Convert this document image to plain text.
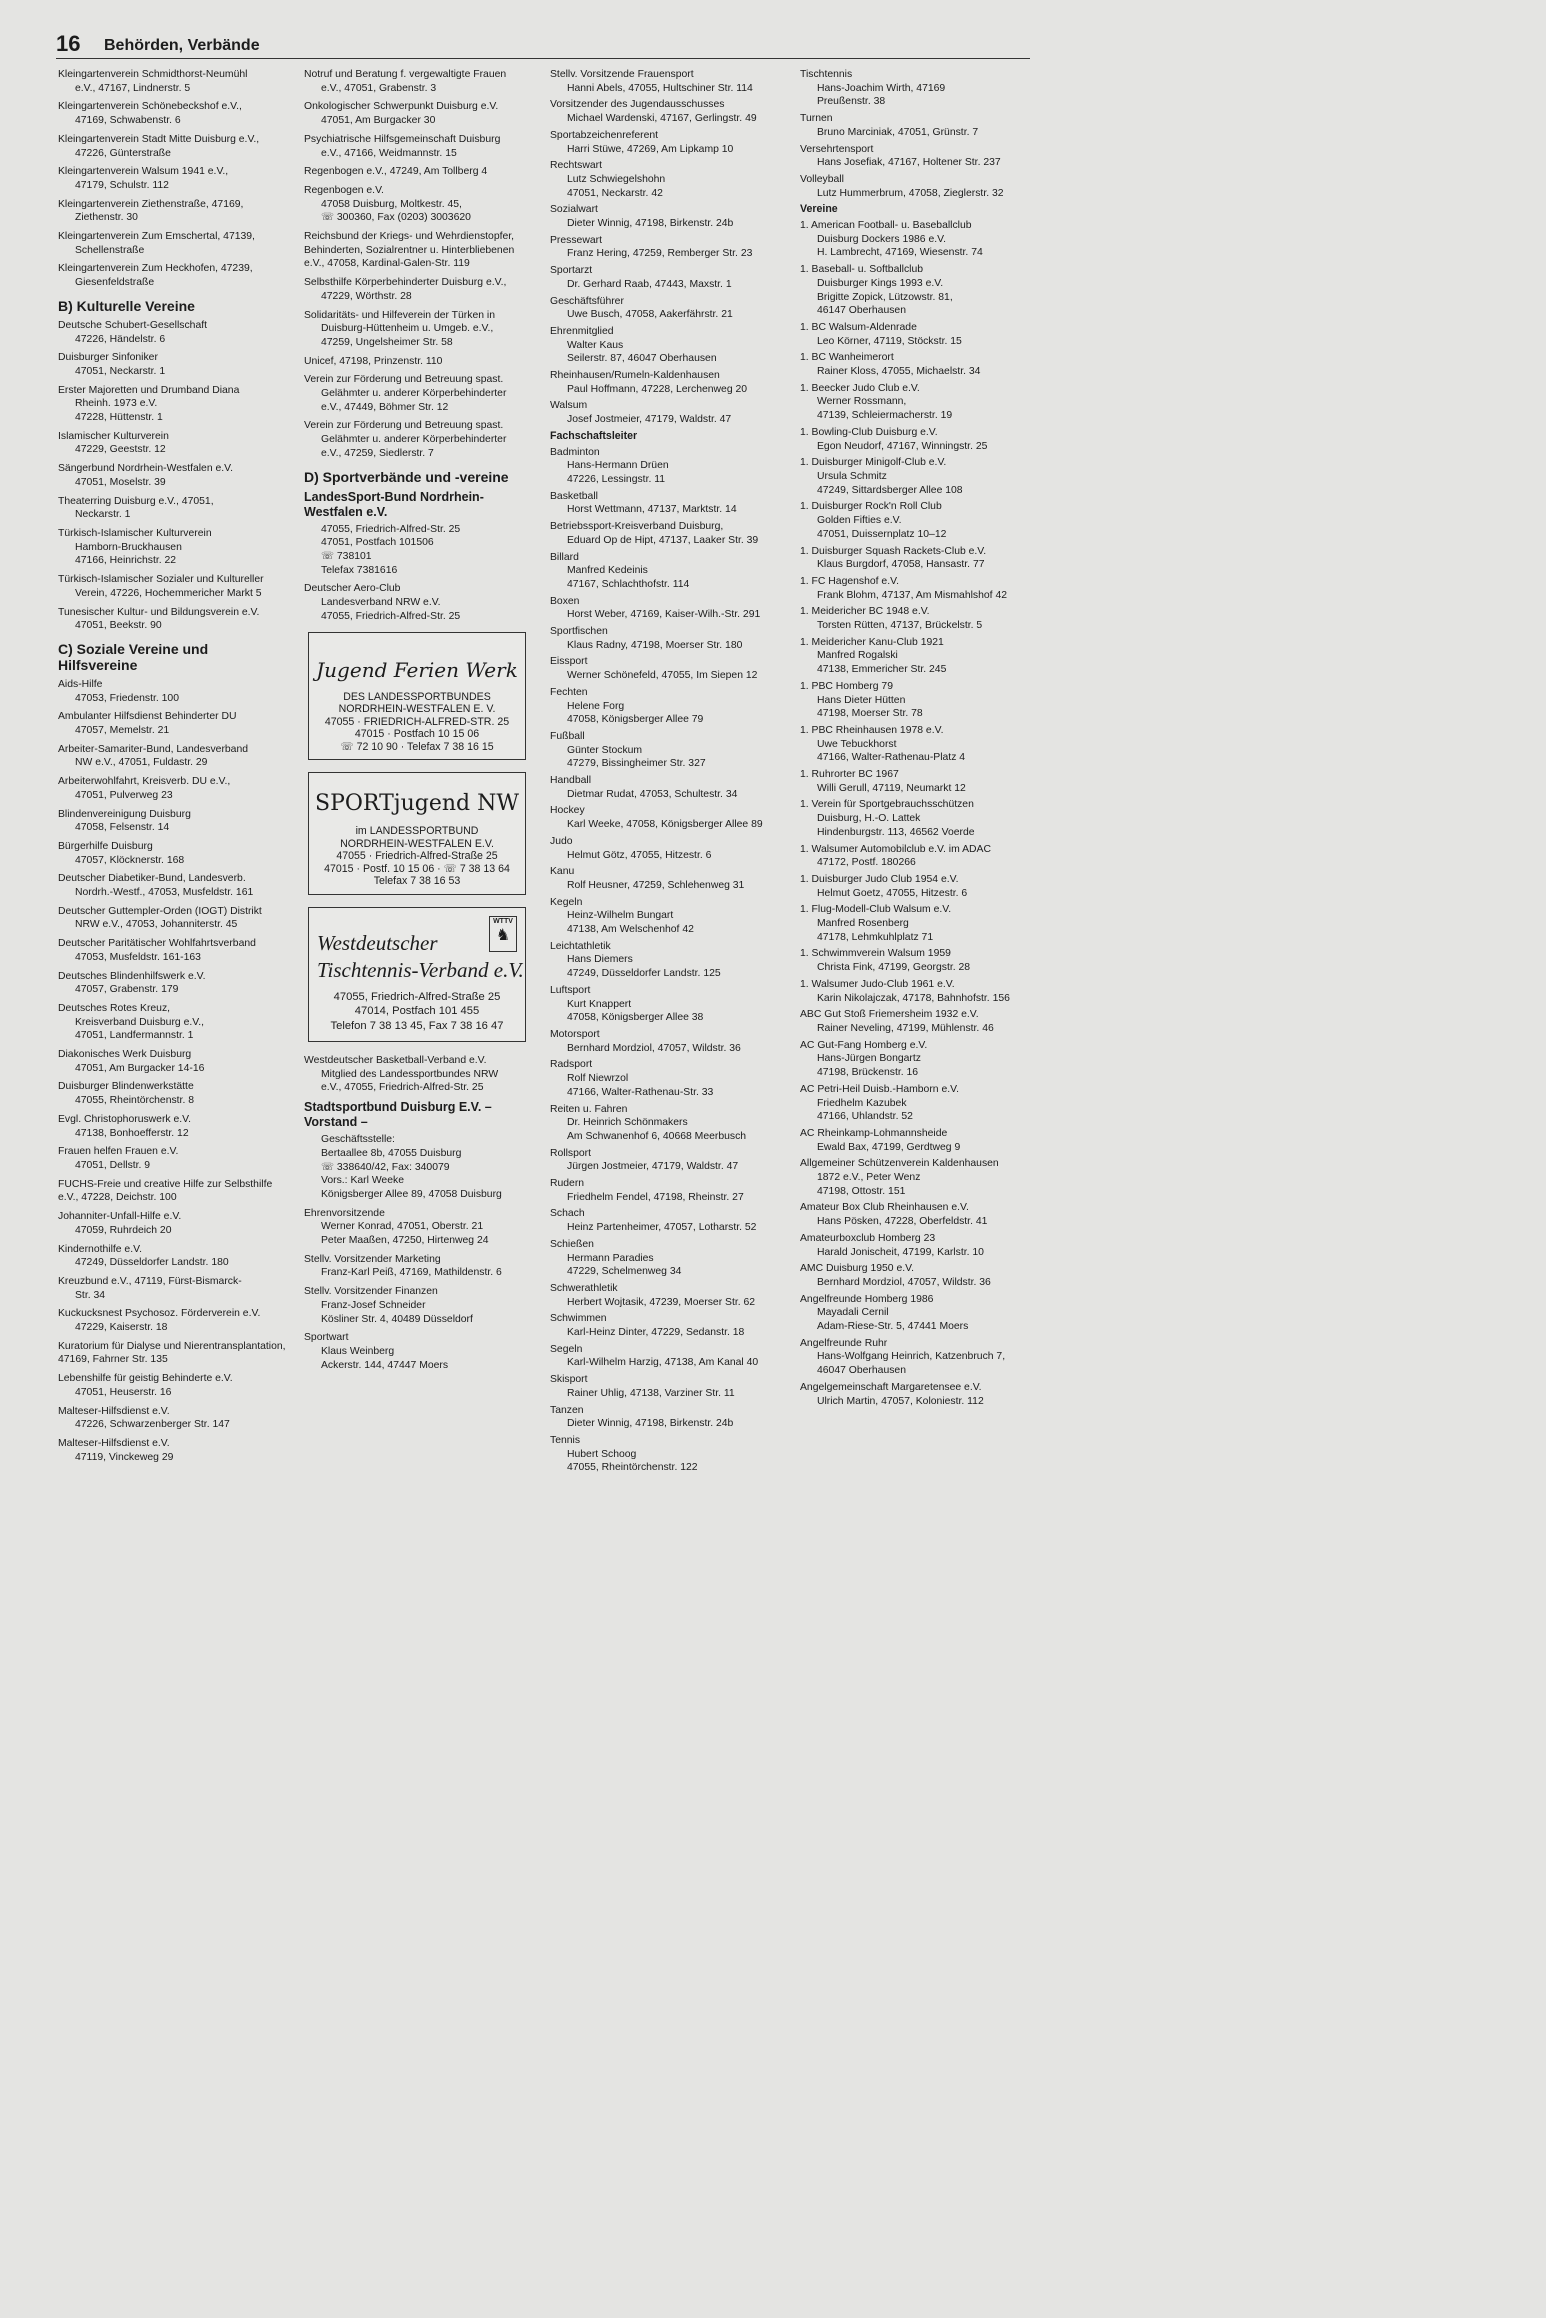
16 Behörden, Verbände
Kleingartenverein Schmidthorst-Neumühl
e.V., 47167, Lindnerstr. 5
Kleingartenverein Schönebeckshof e.V.,
47169, Schwabenstr. 6
Kleingartenverein Stadt Mitte Duisburg e.V.,
47226, Günterstraße
Kleingartenverein Walsum 1941 e.V.,
47179, Schulstr. 112
Kleingartenverein Ziethenstraße, 47169,
Ziethenstr. 30
Kleingartenverein Zum Emschertal, 47139,
Schellenstraße
Kleingartenverein Zum Heckhofen, 47239,
Giesenfeldstraße
B) Kulturelle Vereine
Deutsche Schubert-Gesellschaft
47226, Händelstr. 6
Duisburger Sinfoniker
47051, Neckarstr. 1
Erster Majoretten und Drumband Diana
Rheinh. 1973 e.V.
47228, Hüttenstr. 1
Islamischer Kulturverein
47229, Geeststr. 12
Sängerbund Nordrhein-Westfalen e.V.
47051, Moselstr. 39
Theaterring Duisburg e.V., 47051,
Neckarstr. 1
Türkisch-Islamischer Kulturverein
Hamborn-Bruckhausen
47166, Heinrichstr. 22
Türkisch-Islamischer Sozialer und Kultureller
Verein, 47226, Hochemmericher Markt 5
Tunesischer Kultur- und Bildungsverein e.V.
47051, Beekstr. 90
C) Soziale Vereine und Hilfsvereine
Aids-Hilfe
47053, Friedenstr. 100
Ambulanter Hilfsdienst Behinderter DU
47057, Memelstr. 21
Arbeiter-Samariter-Bund, Landesverband
NW e.V., 47051, Fuldastr. 29
Arbeiterwohlfahrt, Kreisverb. DU e.V.,
47051, Pulverweg 23
Blindenvereinigung Duisburg
47058, Felsenstr. 14
Bürgerhilfe Duisburg
47057, Klöcknerstr. 168
Deutscher Diabetiker-Bund, Landesverb.
Nordrh.-Westf., 47053, Musfeldstr. 161
Deutscher Guttempler-Orden (IOGT) Distrikt
NRW e.V., 47053, Johanniterstr. 45
Deutscher Paritätischer Wohlfahrtsverband
47053, Musfeldstr. 161-163
Deutsches Blindenhilfswerk e.V.
47057, Grabenstr. 179
Deutsches Rotes Kreuz,
Kreisverband Duisburg e.V.,
47051, Landfermannstr. 1
Diakonisches Werk Duisburg
47051, Am Burgacker 14-16
Duisburger Blindenwerkstätte
47055, Rheintörchenstr. 8
Evgl. Christophoruswerk e.V.
47138, Bonhoefferstr. 12
Frauen helfen Frauen e.V.
47051, Dellstr. 9
FUCHS-Freie und creative Hilfe zur Selbsthilfe e.V., 47228, Deichstr. 100
Johanniter-Unfall-Hilfe e.V.
47059, Ruhrdeich 20
Kindernothilfe e.V.
47249, Düsseldorfer Landstr. 180
Kreuzbund e.V., 47119, Fürst-Bismarck-
Str. 34
Kuckucksnest Psychosoz. Förderverein e.V.
47229, Kaiserstr. 18
Kuratorium für Dialyse und Nierentransplantation, 47169, Fahrner Str. 135
Lebenshilfe für geistig Behinderte e.V.
47051, Heuserstr. 16
Malteser-Hilfsdienst e.V.
47226, Schwarzenberger Str. 147
Malteser-Hilfsdienst e.V.
47119, Vinckeweg 29
Notruf und Beratung f. vergewaltigte Frauen
e.V., 47051, Grabenstr. 3
Onkologischer Schwerpunkt Duisburg e.V.
47051, Am Burgacker 30
Psychiatrische Hilfsgemeinschaft Duisburg
e.V., 47166, Weidmannstr. 15
Regenbogen e.V., 47249, Am Tollberg 4
Regenbogen e.V.
47058 Duisburg, Moltkestr. 45,
☏ 300360, Fax (0203) 3003620
Reichsbund der Kriegs- und Wehrdienstopfer, Behinderten, Sozialrentner u. Hinterbliebenen e.V., 47058, Kardinal-Galen-Str. 119
Selbsthilfe Körperbehinderter Duisburg e.V.,
47229, Wörthstr. 28
Solidaritäts- und Hilfeverein der Türken in
Duisburg-Hüttenheim u. Umgeb. e.V.,
47259, Ungelsheimer Str. 58
Unicef, 47198, Prinzenstr. 110
Verein zur Förderung und Betreuung spast.
Gelähmter u. anderer Körperbehinderter
e.V., 47449, Böhmer Str. 12
Verein zur Förderung und Betreuung spast.
Gelähmter u. anderer Körperbehinderter
e.V., 47259, Siedlerstr. 7
D) Sportverbände und -vereine
LandesSport-Bund Nordrhein-Westfalen e.V.
47055, Friedrich-Alfred-Str. 25
47051, Postfach 101506
☏ 738101
Telefax 7381616
Deutscher Aero-Club
Landesverband NRW e.V.
47055, Friedrich-Alfred-Str. 25
Jugend Ferien Werk
DES LANDESSPORTBUNDES
NORDRHEIN-WESTFALEN E. V.
47055 · FRIEDRICH-ALFRED-STR. 25
47015 · Postfach 10 15 06
☏ 72 10 90 · Telefax 7 38 16 15
SPORTjugend NW
im LANDESSPORTBUND
NORDRHEIN-WESTFALEN E.V.
47055 · Friedrich-Alfred-Straße 25
47015 · Postf. 10 15 06 · ☏ 7 38 13 64
Telefax 7 38 16 53
WTTV
♞
Westdeutscher
Tischtennis-Verband e.V.
47055, Friedrich-Alfred-Straße 25
47014, Postfach 101 455
Telefon 7 38 13 45, Fax 7 38 16 47
Westdeutscher Basketball-Verband e.V.
Mitglied des Landessportbundes NRW
e.V., 47055, Friedrich-Alfred-Str. 25
Stadtsportbund Duisburg E.V. – Vorstand –
Geschäftsstelle:
Bertaallee 8b, 47055 Duisburg
☏ 338640/42, Fax: 340079
Vors.: Karl Weeke
Königsberger Allee 89, 47058 Duisburg
Ehrenvorsitzende
Werner Konrad, 47051, Oberstr. 21
Peter Maaßen, 47250, Hirtenweg 24
Stellv. Vorsitzender Marketing
Franz-Karl Peiß, 47169, Mathildenstr. 6
Stellv. Vorsitzender Finanzen
Franz-Josef Schneider
Kösliner Str. 4, 40489 Düsseldorf
Sportwart
Klaus Weinberg
Ackerstr. 144, 47447 Moers
Stellv. Vorsitzende Frauensport
Hanni Abels, 47055, Hultschiner Str. 114
Vorsitzender des Jugendausschusses
Michael Wardenski, 47167, Gerlingstr. 49
Sportabzeichenreferent
Harri Stüwe, 47269, Am Lipkamp 10
Rechtswart
Lutz Schwiegelshohn
47051, Neckarstr. 42
Sozialwart
Dieter Winnig, 47198, Birkenstr. 24b
Pressewart
Franz Hering, 47259, Remberger Str. 23
Sportarzt
Dr. Gerhard Raab, 47443, Maxstr. 1
Geschäftsführer
Uwe Busch, 47058, Aakerfährstr. 21
Ehrenmitglied
Walter Kaus
Seilerstr. 87, 46047 Oberhausen
Rheinhausen/Rumeln-Kaldenhausen
Paul Hoffmann, 47228, Lerchenweg 20
Walsum
Josef Jostmeier, 47179, Waldstr. 47
Fachschaftsleiter
Badminton
Hans-Hermann Drüen
47226, Lessingstr. 11
Basketball
Horst Wettmann, 47137, Marktstr. 14
Betriebssport-Kreisverband Duisburg,
Eduard Op de Hipt, 47137, Laaker Str. 39
Billard
Manfred Kedeinis
47167, Schlachthofstr. 114
Boxen
Horst Weber, 47169, Kaiser-Wilh.-Str. 291
Sportfischen
Klaus Radny, 47198, Moerser Str. 180
Eissport
Werner Schönefeld, 47055, Im Siepen 12
Fechten
Helene Forg
47058, Königsberger Allee 79
Fußball
Günter Stockum
47279, Bissingheimer Str. 327
Handball
Dietmar Rudat, 47053, Schultestr. 34
Hockey
Karl Weeke, 47058, Königsberger Allee 89
Judo
Helmut Götz, 47055, Hitzestr. 6
Kanu
Rolf Heusner, 47259, Schlehenweg 31
Kegeln
Heinz-Wilhelm Bungart
47138, Am Welschenhof 42
Leichtathletik
Hans Diemers
47249, Düsseldorfer Landstr. 125
Luftsport
Kurt Knappert
47058, Königsberger Allee 38
Motorsport
Bernhard Mordziol, 47057, Wildstr. 36
Radsport
Rolf Niewrzol
47166, Walter-Rathenau-Str. 33
Reiten u. Fahren
Dr. Heinrich Schönmakers
Am Schwanenhof 6, 40668 Meerbusch
Rollsport
Jürgen Jostmeier, 47179, Waldstr. 47
Rudern
Friedhelm Fendel, 47198, Rheinstr. 27
Schach
Heinz Partenheimer, 47057, Lotharstr. 52
Schießen
Hermann Paradies
47229, Schelmenweg 34
Schwerathletik
Herbert Wojtasik, 47239, Moerser Str. 62
Schwimmen
Karl-Heinz Dinter, 47229, Sedanstr. 18
Segeln
Karl-Wilhelm Harzig, 47138, Am Kanal 40
Skisport
Rainer Uhlig, 47138, Varziner Str. 11
Tanzen
Dieter Winnig, 47198, Birkenstr. 24b
Tennis
Hubert Schoog
47055, Rheintörchenstr. 122
Tischtennis
Hans-Joachim Wirth, 47169
Preußenstr. 38
Turnen
Bruno Marciniak, 47051, Grünstr. 7
Versehrtensport
Hans Josefiak, 47167, Holtener Str. 237
Volleyball
Lutz Hummerbrum, 47058, Zieglerstr. 32
Vereine
1. American Football- u. Baseballclub
Duisburg Dockers 1986 e.V.
H. Lambrecht, 47169, Wiesenstr. 74
1. Baseball- u. Softballclub
Duisburger Kings 1993 e.V.
Brigitte Zopick, Lützowstr. 81,
46147 Oberhausen
1. BC Walsum-Aldenrade
Leo Körner, 47119, Stöckstr. 15
1. BC Wanheimerort
Rainer Kloss, 47055, Michaelstr. 34
1. Beecker Judo Club e.V.
Werner Rossmann,
47139, Schleiermacherstr. 19
1. Bowling-Club Duisburg e.V.
Egon Neudorf, 47167, Winningstr. 25
1. Duisburger Minigolf-Club e.V.
Ursula Schmitz
47249, Sittardsberger Allee 108
1. Duisburger Rock'n Roll Club
Golden Fifties e.V.
47051, Duissernplatz 10–12
1. Duisburger Squash Rackets-Club e.V.
Klaus Burgdorf, 47058, Hansastr. 77
1. FC Hagenshof e.V.
Frank Blohm, 47137, Am Mismahlshof 42
1. Meidericher BC 1948 e.V.
Torsten Rütten, 47137, Brückelstr. 5
1. Meidericher Kanu-Club 1921
Manfred Rogalski
47138, Emmericher Str. 245
1. PBC Homberg 79
Hans Dieter Hütten
47198, Moerser Str. 78
1. PBC Rheinhausen 1978 e.V.
Uwe Tebuckhorst
47166, Walter-Rathenau-Platz 4
1. Ruhrorter BC 1967
Willi Gerull, 47119, Neumarkt 12
1. Verein für Sportgebrauchsschützen
Duisburg, H.-O. Lattek
Hindenburgstr. 113, 46562 Voerde
1. Walsumer Automobilclub e.V. im ADAC
47172, Postf. 180266
1. Duisburger Judo Club 1954 e.V.
Helmut Goetz, 47055, Hitzestr. 6
1. Flug-Modell-Club Walsum e.V.
Manfred Rosenberg
47178, Lehmkuhlplatz 71
1. Schwimmverein Walsum 1959
Christa Fink, 47199, Georgstr. 28
1. Walsumer Judo-Club 1961 e.V.
Karin Nikolajczak, 47178, Bahnhofstr. 156
ABC Gut Stoß Friemersheim 1932 e.V.
Rainer Neveling, 47199, Mühlenstr. 46
AC Gut-Fang Homberg e.V.
Hans-Jürgen Bongartz
47198, Brückenstr. 16
AC Petri-Heil Duisb.-Hamborn e.V.
Friedhelm Kazubek
47166, Uhlandstr. 52
AC Rheinkamp-Lohmannsheide
Ewald Bax, 47199, Gerdtweg 9
Allgemeiner Schützenverein Kaldenhausen
1872 e.V., Peter Wenz
47198, Ottostr. 151
Amateur Box Club Rheinhausen e.V.
Hans Pösken, 47228, Oberfeldstr. 41
Amateurboxclub Homberg 23
Harald Jonischeit, 47199, Karlstr. 10
AMC Duisburg 1950 e.V.
Bernhard Mordziol, 47057, Wildstr. 36
Angelfreunde Homberg 1986
Mayadali Cernil
Adam-Riese-Str. 5, 47441 Moers
Angelfreunde Ruhr
Hans-Wolfgang Heinrich, Katzenbruch 7,
46047 Oberhausen
Angelgemeinschaft Margaretensee e.V.
Ulrich Martin, 47057, Koloniestr. 112
